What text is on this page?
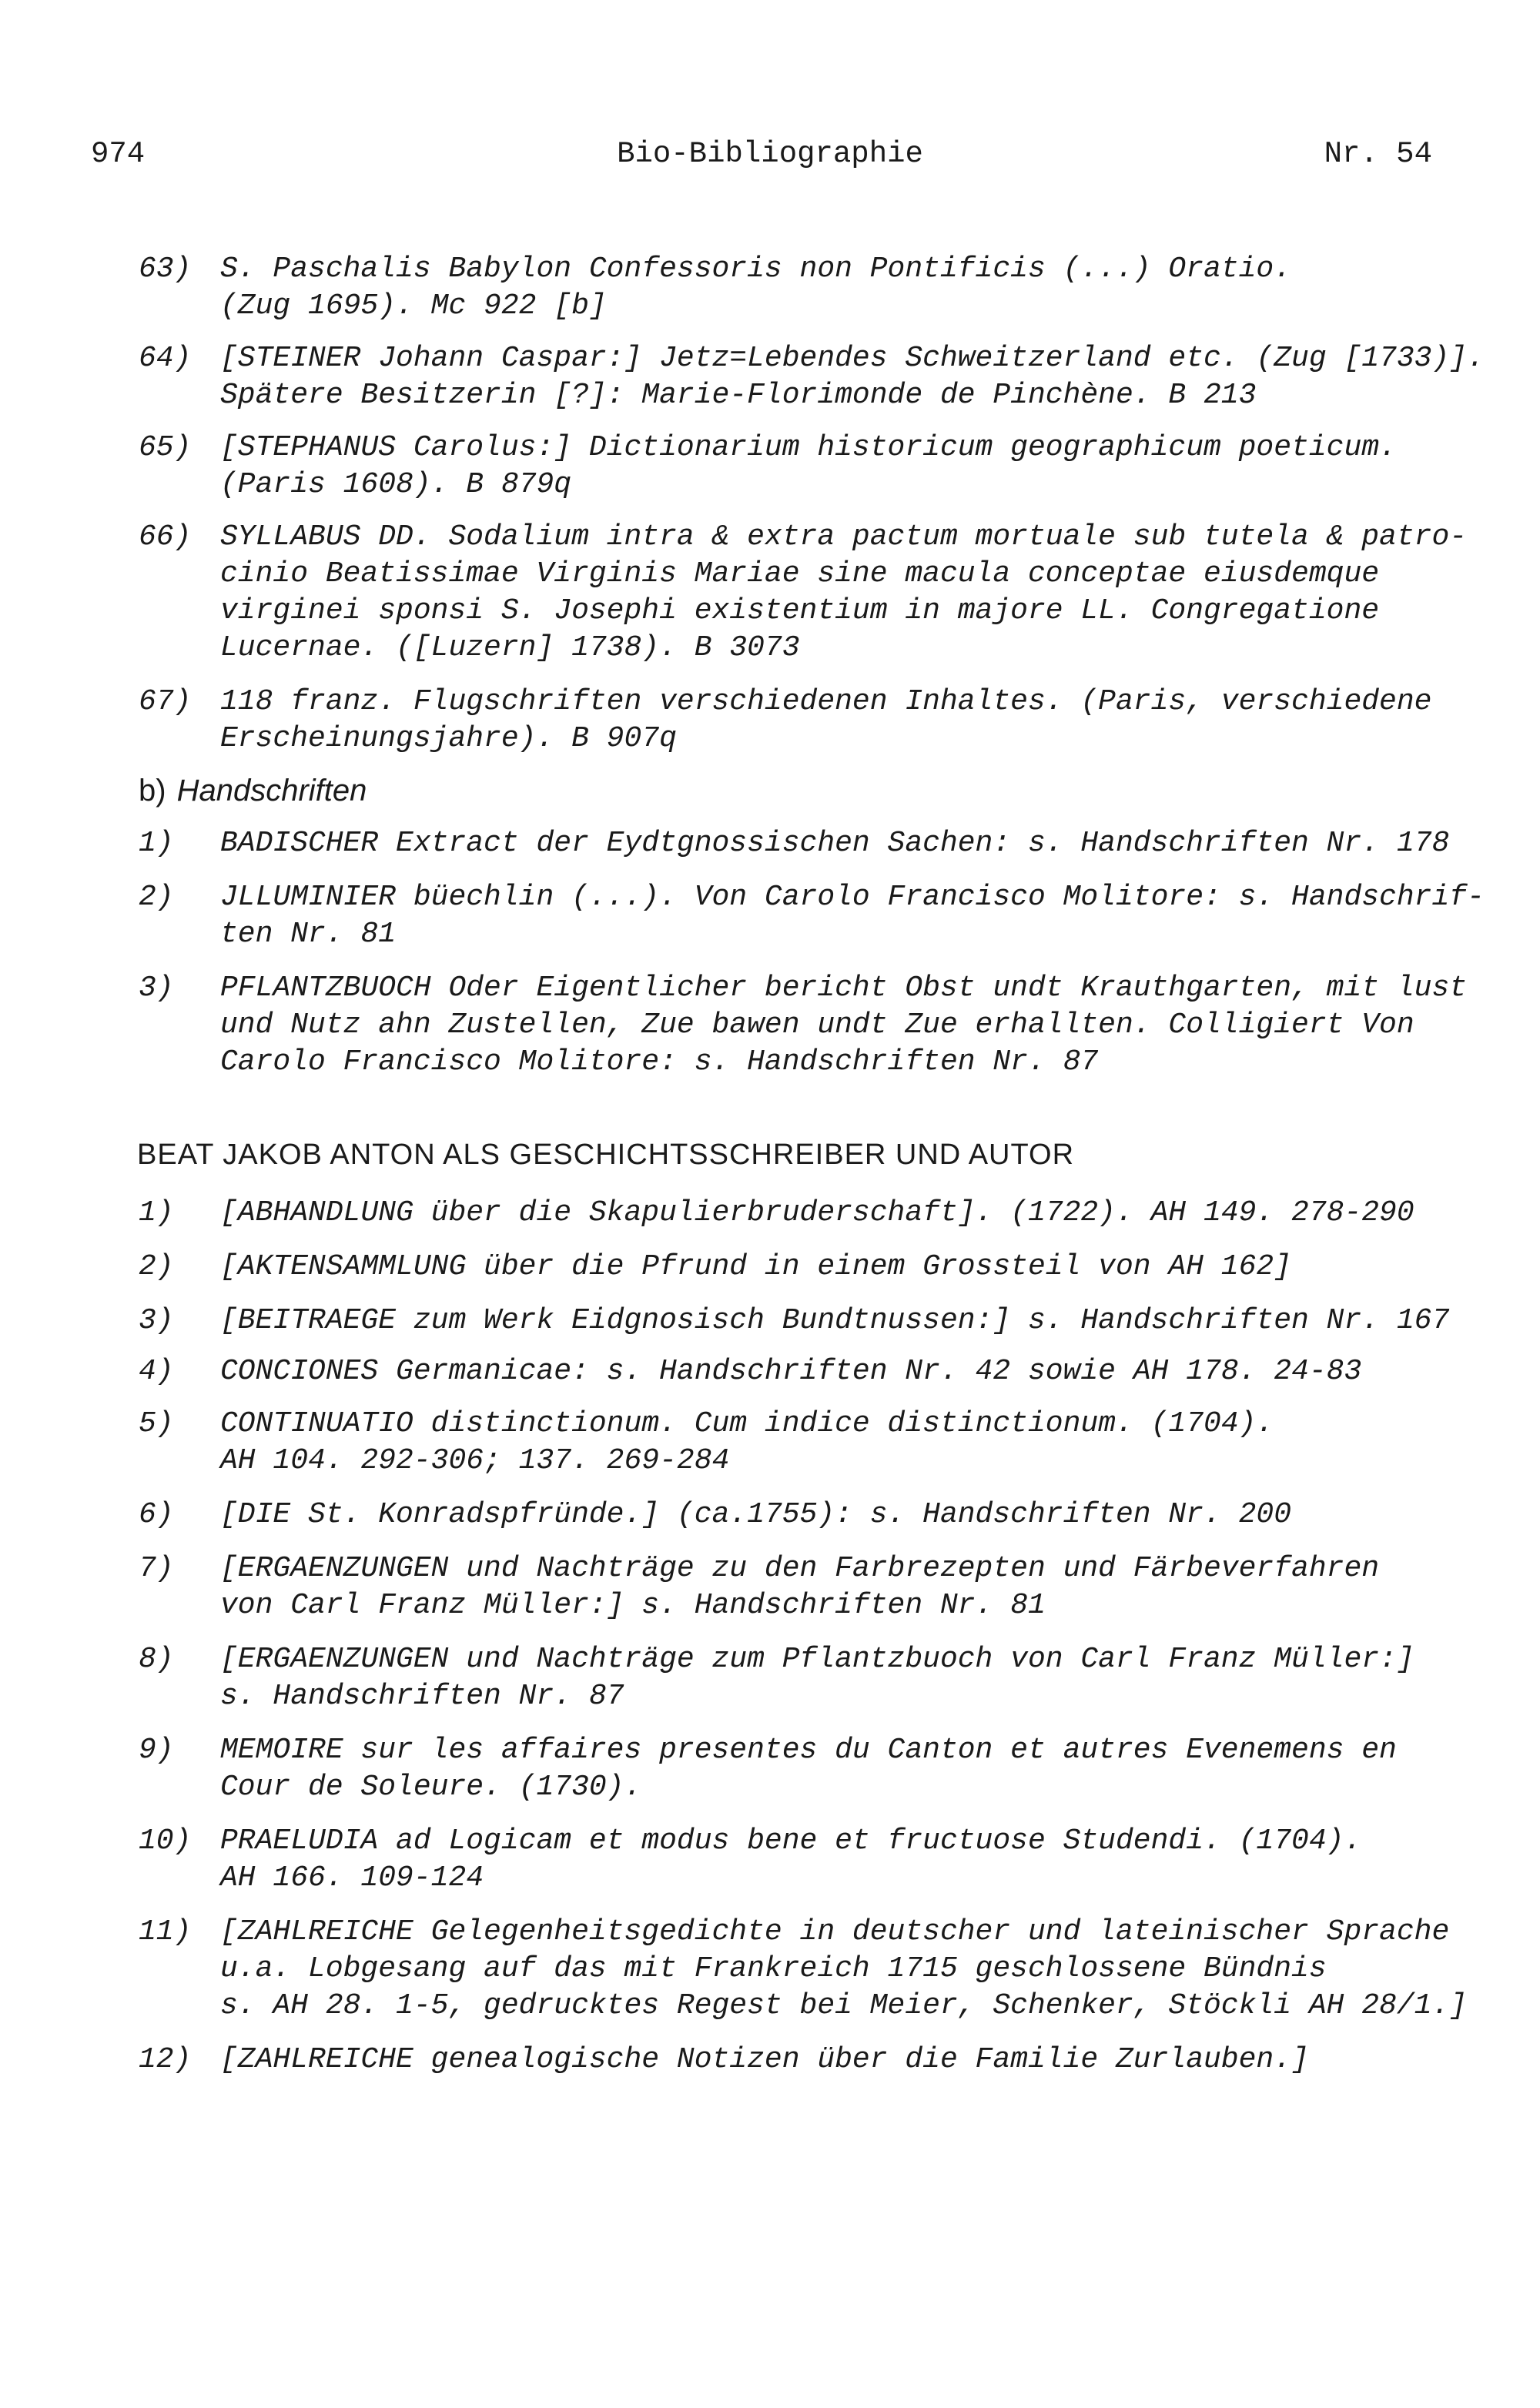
974	Bio-Bibliographie	Nr. 54
63) S. Paschalis Babylon Confessoris non Pontificis (...) Oratio.
(Zug 1695). Mc 922 [b]
64) [STEINER Johann Caspar:] Jetz=Lebendes Schweitzerland etc. (Zug [1733)].
Spätere Besitzerin [?]: Marie-Florimonde de Pinchène. B 213
65) [STEPHANUS Carolus:] Dictionarium historicum geographicum poeticum.
(Paris 1608). B 879q
66) SYLLABUS DD. Sodalium intra & extra pactum mortuale sub tutela & patro-
cinio Beatissimae Virginis Mariae sine macula conceptae eiusdemque
virginei sponsi S. Josephi existentium in majore LL. Congregatione
Lucernae. ([Luzern] 1738). B 3073
67) 118 franz. Flugschriften verschiedenen Inhaltes. (Paris, verschiedene
Erscheinungsjahre). B 907q
b) Handschriften
1)	BADISCHER Extract der Eydtgnossischen Sachen: s. Handschriften Nr. 178
2)	JLLUMINIER büechlin (...). Von Carolo Francisco Molitore: s. Handschrif-
ten Nr. 81
3)	PFLANTZBUOCH Oder Eigentlicher bericht Obst undt Krauthgarten, mit lust
und Nutz ahn Zustellen, Zue bawen undt Zue erhallten. Colligiert Von
Carolo Francisco Molitore: s. Handschriften Nr. 87
BEAT JAKOB ANTON ALS GESCHICHTSSCHREIBER UND AUTOR
1)	[ABHANDLUNG über die Skapulierbruderschaft]. (1722). AH 149. 278-290
2)	[AKTENSAMMLUNG über die Pfrund in einem Grossteil von AH 162]
3)	[BEITRAEGE zum Werk Eidgnosisch Bundtnussen:] s. Handschriften Nr. 167
4)	CONCIONES Germanicae: s. Handschriften Nr. 42 sowie AH 178. 24-83
5)	CONTINUATIO distinctionum. Cum indice distinctionum. (1704).
AH 104. 292-306; 137. 269-284
6)	[DIE St. Konradspfründe.] (ca.1755): s. Handschriften Nr. 200
7)	[ERGAENZUNGEN und Nachträge zu den Farbrezepten und Färbeverfahren
von Carl Franz Müller:] s. Handschriften Nr. 81
8)	[ERGAENZUNGEN und Nachträge zum Pflantzbuoch von Carl Franz Müller:]
s. Handschriften Nr. 87
9)	MEMOIRE sur les affaires presentes du Canton et autres Evenemens en
Cour de Soleure. (1730).
10) PRAELUDIA ad Logicam et modus bene et fructuose Studendi. (1704).
AH 166. 109-124
11) [ZAHLREICHE Gelegenheitsgedichte in deutscher und lateinischer Sprache
u.a. Lobgesang auf das mit Frankreich 1715 geschlossene Bündnis
s. AH 28. 1-5, gedrucktes Regest bei Meier, Schenker, Stöckli AH 28/1.]
12) [ZAHLREICHE genealogische Notizen über die Familie Zurlauben.]
